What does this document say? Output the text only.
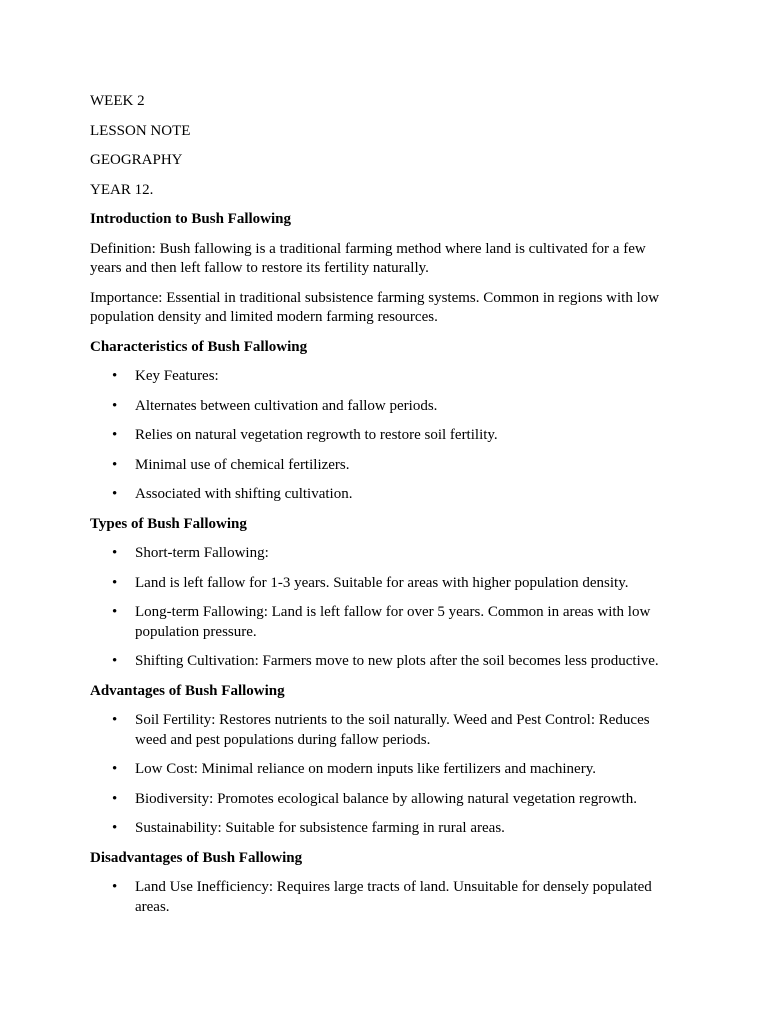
WEEK 2
LESSON NOTE
GEOGRAPHY
YEAR 12.
Introduction to Bush Fallowing

Definition: Bush fallowing is a traditional farming method where land is cultivated for a few years and then left fallow to restore its fertility naturally.

Importance: Essential in traditional subsistence farming systems. Common in regions with low population density and limited modern farming resources.

Characteristics of Bush Fallowing
• Key Features:
• Alternates between cultivation and fallow periods.
• Relies on natural vegetation regrowth to restore soil fertility.
• Minimal use of chemical fertilizers.
• Associated with shifting cultivation.
Types of Bush Fallowing
• Short-term Fallowing:
• Land is left fallow for 1-3 years. Suitable for areas with higher population density.
• Long-term Fallowing: Land is left fallow for over 5 years. Common in areas with low population pressure.
• Shifting Cultivation: Farmers move to new plots after the soil becomes less productive.
Advantages of Bush Fallowing
• Soil Fertility: Restores nutrients to the soil naturally. Weed and Pest Control: Reduces weed and pest populations during fallow periods.
• Low Cost: Minimal reliance on modern inputs like fertilizers and machinery.
• Biodiversity: Promotes ecological balance by allowing natural vegetation regrowth.
• Sustainability: Suitable for subsistence farming in rural areas.
Disadvantages of Bush Fallowing
• Land Use Inefficiency: Requires large tracts of land. Unsuitable for densely populated areas.
